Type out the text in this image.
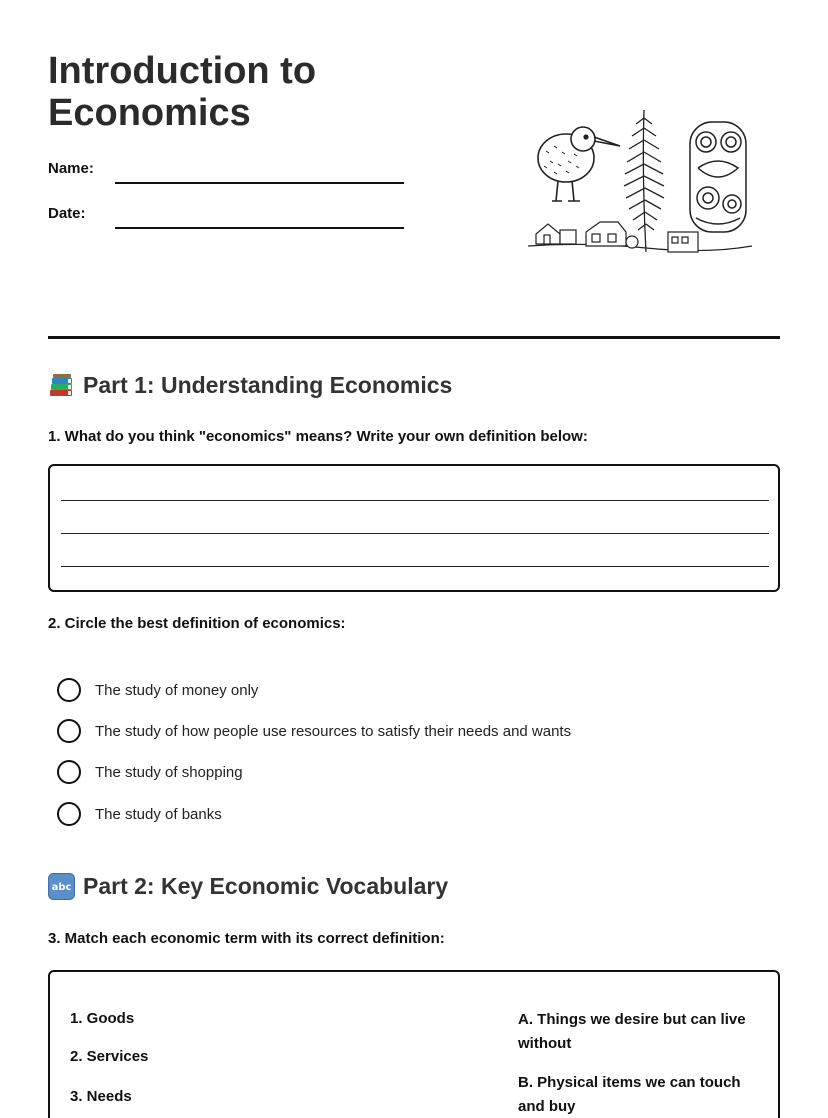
Introduction to
Economics
Name:
Date:
Part 1: Understanding Economics
1. What do you think "economics" means? Write your own definition below:
2. Circle the best definition of economics:
The study of money only
The study of how people use resources to satisfy their needs and wants
The study of shopping
The study of banks
abc Part 2: Key Economic Vocabulary
3. Match each economic term with its correct definition:
1. Goods
2. Services
3. Needs
A. Things we desire but can live without
B. Physical items we can touch and buy
